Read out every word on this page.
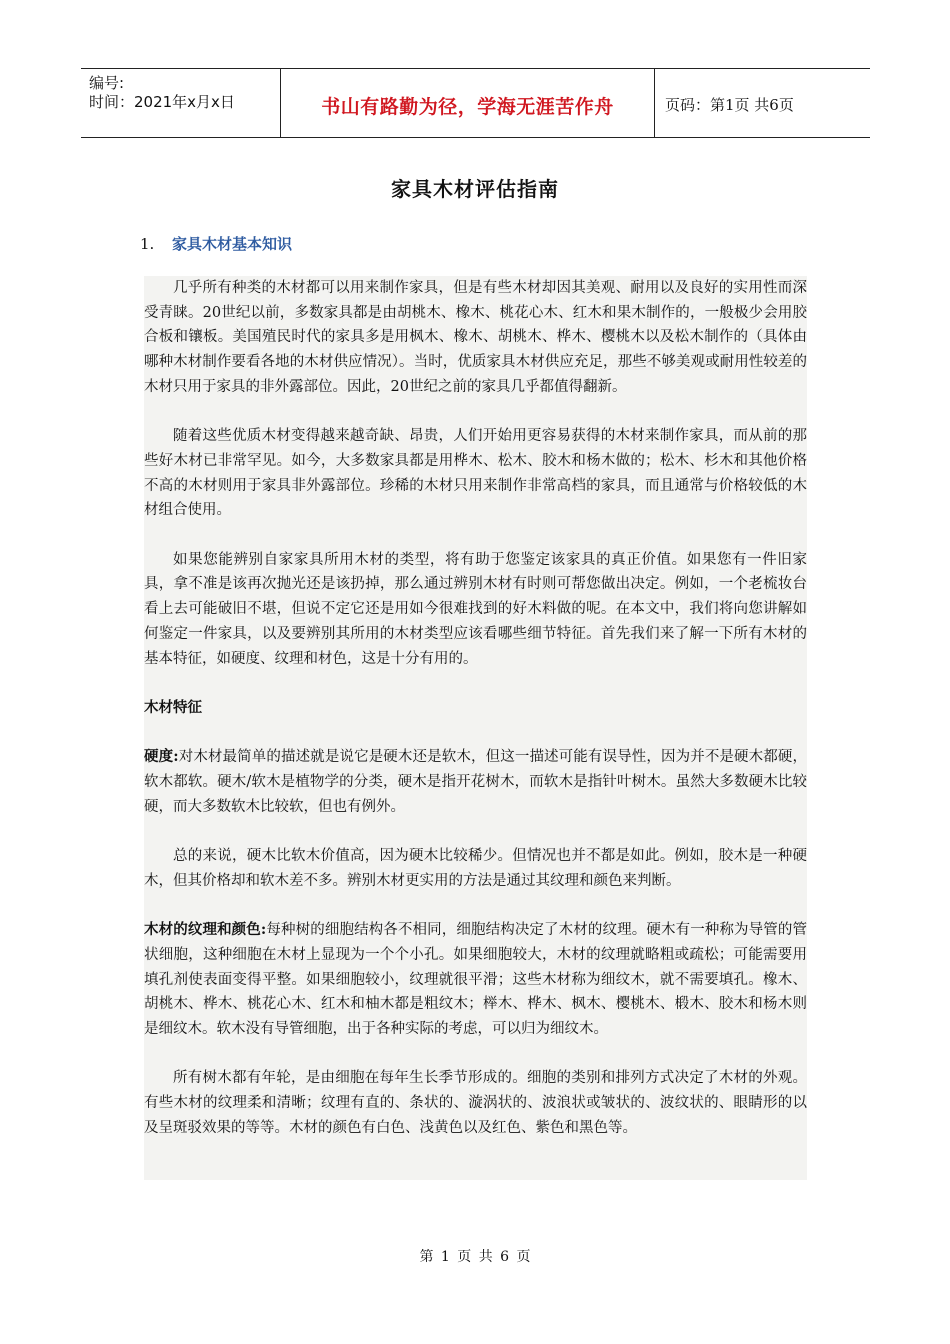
编号:
时间：2021年x月x日	书山有路勤为径，学海无涯苦作舟	页码：第1页 共6页
家具木材评估指南
1. 家具木材基本知识

几乎所有种类的木材都可以用来制作家具，但是有些木材却因其美观、耐用以及良好的实用性而深受青睐。20世纪以前，多数家具都是由胡桃木、橡木、桃花心木、红木和果木制作的，一般极少会用胶合板和镶板。美国殖民时代的家具多是用枫木、橡木、胡桃木、桦木、樱桃木以及松木制作的（具体由哪种木材制作要看各地的木材供应情况）。当时，优质家具木材供应充足，那些不够美观或耐用性较差的木材只用于家具的非外露部位。因此，20世纪之前的家具几乎都值得翻新。

随着这些优质木材变得越来越奇缺、昂贵，人们开始用更容易获得的木材来制作家具，而从前的那些好木材已非常罕见。如今，大多数家具都是用桦木、松木、胶木和杨木做的；松木、杉木和其他价格不高的木材则用于家具非外露部位。珍稀的木材只用来制作非常高档的家具，而且通常与价格较低的木材组合使用。

如果您能辨别自家家具所用木材的类型，将有助于您鉴定该家具的真正价值。如果您有一件旧家具，拿不准是该再次抛光还是该扔掉，那么通过辨别木材有时则可帮您做出决定。例如，一个老梳妆台看上去可能破旧不堪，但说不定它还是用如今很难找到的好木料做的呢。在本文中，我们将向您讲解如何鉴定一件家具，以及要辨别其所用的木材类型应该看哪些细节特征。首先我们来了解一下所有木材的基本特征，如硬度、纹理和材色，这是十分有用的。

木材特征

硬度:对木材最简单的描述就是说它是硬木还是软木，但这一描述可能有误导性，因为并不是硬木都硬，软木都软。硬木/软木是植物学的分类，硬木是指开花树木，而软木是指针叶树木。虽然大多数硬木比较硬，而大多数软木比较软，但也有例外。

总的来说，硬木比软木价值高，因为硬木比较稀少。但情况也并不都是如此。例如，胶木是一种硬木，但其价格却和软木差不多。辨别木材更实用的方法是通过其纹理和颜色来判断。

木材的纹理和颜色:每种树的细胞结构各不相同，细胞结构决定了木材的纹理。硬木有一种称为导管的管状细胞，这种细胞在木材上显现为一个个小孔。如果细胞较大，木材的纹理就略粗或疏松；可能需要用填孔剂使表面变得平整。如果细胞较小，纹理就很平滑；这些木材称为细纹木，就不需要填孔。橡木、胡桃木、桦木、桃花心木、红木和柚木都是粗纹木；榉木、桦木、枫木、樱桃木、椴木、胶木和杨木则是细纹木。软木没有导管细胞，出于各种实际的考虑，可以归为细纹木。

所有树木都有年轮，是由细胞在每年生长季节形成的。细胞的类别和排列方式决定了木材的外观。有些木材的纹理柔和清晰；纹理有直的、条状的、漩涡状的、波浪状或皱状的、波纹状的、眼睛形的以及呈斑驳效果的等等。木材的颜色有白色、浅黄色以及红色、紫色和黑色等。

第 1 页 共 6 页
